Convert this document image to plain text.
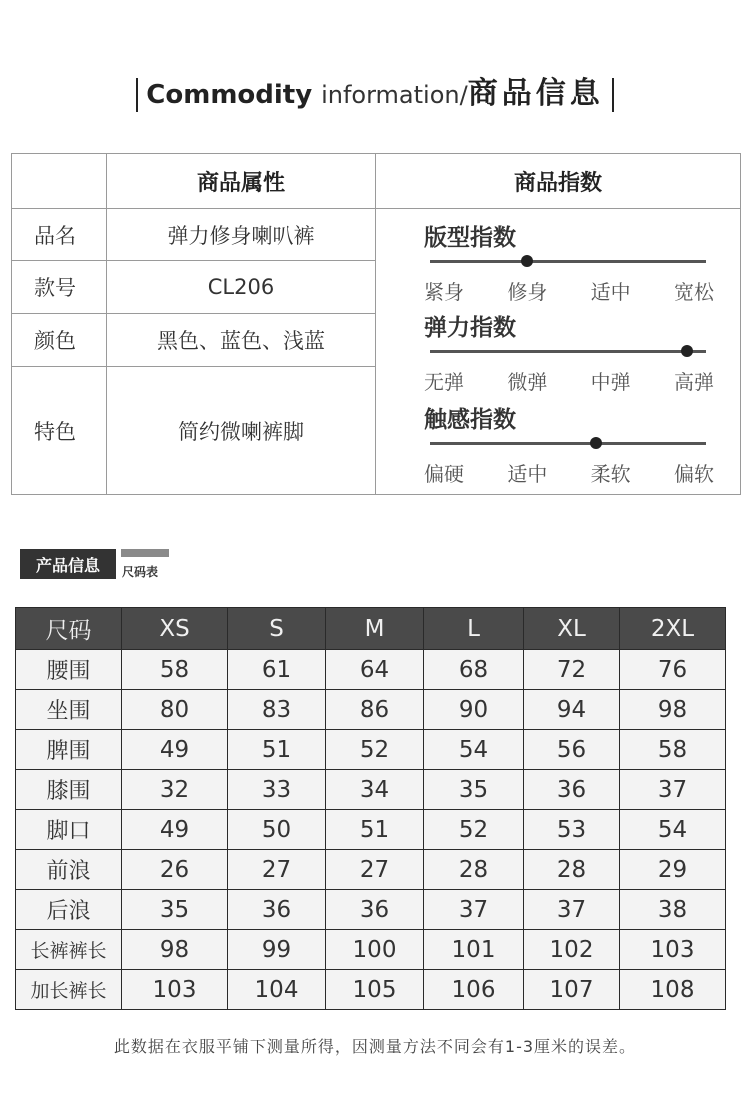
Commodity information/商品信息
商品属性	商品指数
品名	弹力修身喇叭裤
款号	CL206
颜色	黑色、蓝色、浅蓝
特色	简约微喇裤脚
版型指数
紧身 修身 适中 宽松
弹力指数
无弹 微弹 中弹 高弹
触感指数
偏硬 适中 柔软 偏软
产品信息	尺码表
尺码	XS	S	M	L	XL	2XL
腰围	58	61	64	68	72	76
坐围	80	83	86	90	94	98
脾围	49	51	52	54	56	58
膝围	32	33	34	35	36	37
脚口	49	50	51	52	53	54
前浪	26	27	27	28	28	29
后浪	35	36	36	37	37	38
长裤裤长	98	99	100	101	102	103
加长裤长	103	104	105	106	107	108
此数据在衣服平铺下测量所得，因测量方法不同会有1-3厘米的误差。
